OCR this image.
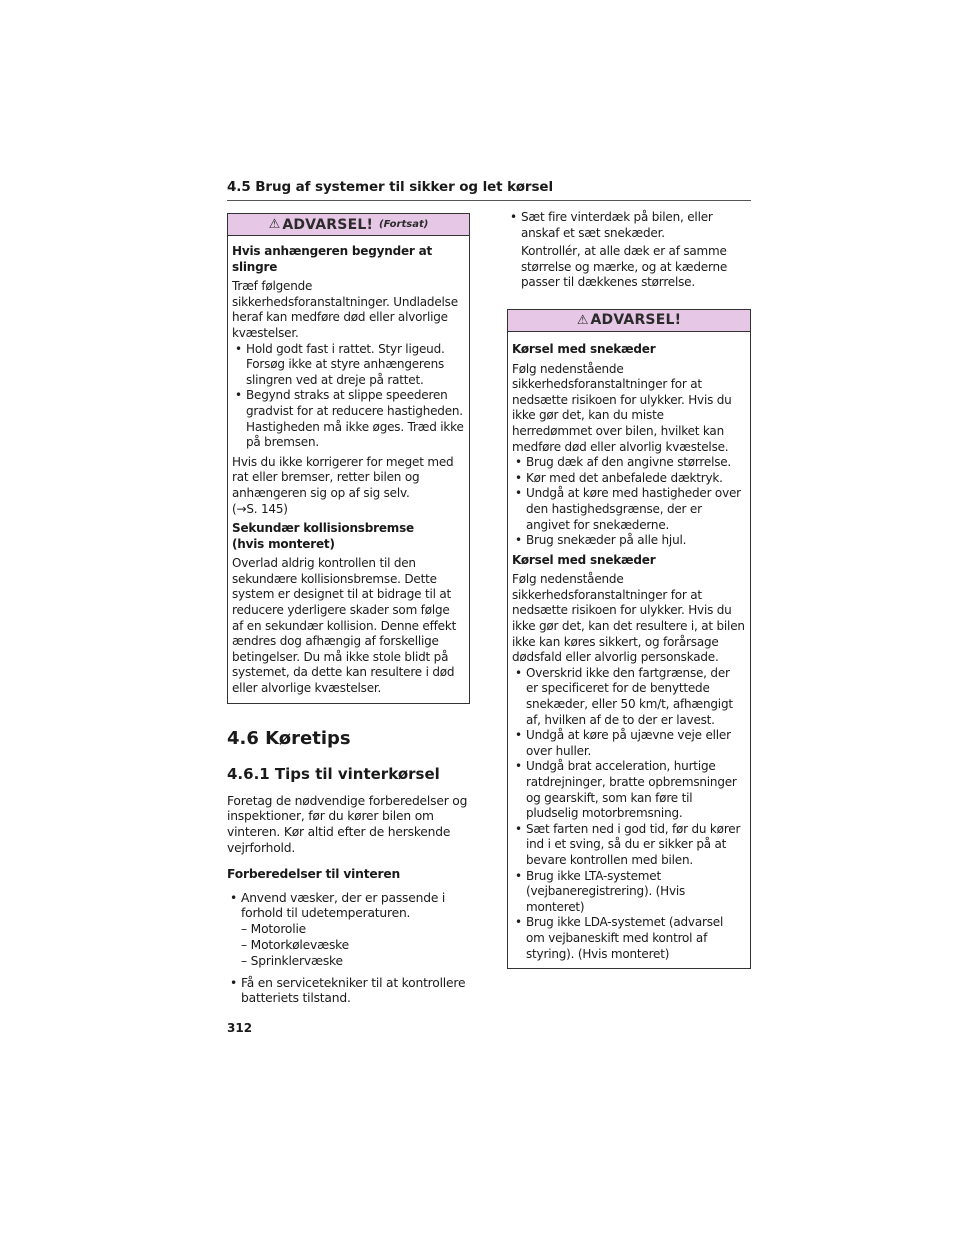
4.5 Brug af systemer til sikker og let kørsel
⚠ ADVARSEL! (Fortsat)
Hvis anhængeren begynder at slingre

Træf følgende sikkerhedsforanstaltninger. Undladelse heraf kan medføre død eller alvorlige kvæstelser.

• Hold godt fast i rattet. Styr ligeud. Forsøg ikke at styre anhængerens slingren ved at dreje på rattet.
• Begynd straks at slippe speederen gradvist for at reducere hastigheden. Hastigheden må ikke øges. Træd ikke på bremsen.

Hvis du ikke korrigerer for meget med rat eller bremser, retter bilen og anhængeren sig op af sig selv.

(→S. 145)

Sekundær kollisionsbremse
(hvis monteret)

Overlad aldrig kontrollen til den sekundære kollisionsbremse. Dette system er designet til at bidrage til at reducere yderligere skader som følge af en sekundær kollision. Denne effekt ændres dog afhængig af forskellige betingelser. Du må ikke stole blidt på systemet, da dette kan resultere i død eller alvorlige kvæstelser.

4.6 Køretips
4.6.1 Tips til vinterkørsel

Foretag de nødvendige forberedelser og inspektioner, før du kører bilen om vinteren. Kør altid efter de herskende vejrforhold.

Forberedelser til vinteren
• Anvend væsker, der er passende i forhold til udetemperaturen.
– Motorolie
– Motorkølevæske
– Sprinklervæske
• Få en servicetekniker til at kontrollere batteriets tilstand.
• Sæt fire vinterdæk på bilen, eller anskaf et sæt snekæder.
Kontrollér, at alle dæk er af samme størrelse og mærke, og at kæderne passer til dækkenes størrelse.
⚠ ADVARSEL!
Kørsel med snekæder

Følg nedenstående sikkerhedsforanstaltninger for at nedsætte risikoen for ulykker. Hvis du ikke gør det, kan du miste herredømmet over bilen, hvilket kan medføre død eller alvorlig kvæstelse.

• Brug dæk af den angivne størrelse.
• Kør med det anbefalede dæktryk.
• Undgå at køre med hastigheder over den hastighedsgrænse, der er angivet for snekæderne.
• Brug snekæder på alle hjul.
Kørsel med snekæder

Følg nedenstående sikkerhedsforanstaltninger for at nedsætte risikoen for ulykker. Hvis du ikke gør det, kan det resultere i, at bilen ikke kan køres sikkert, og forårsage dødsfald eller alvorlig personskade.

• Overskrid ikke den fartgrænse, der er specificeret for de benyttede snekæder, eller 50 km/t, afhængigt af, hvilken af de to der er lavest.
• Undgå at køre på ujævne veje eller over huller.
• Undgå brat acceleration, hurtige ratdrejninger, bratte opbremsninger og gearskift, som kan føre til pludselig motorbremsning.
• Sæt farten ned i god tid, før du kører ind i et sving, så du er sikker på at bevare kontrollen med bilen.
• Brug ikke LTA-systemet (vejbaneregistrering). (Hvis monteret)
• Brug ikke LDA-systemet (advarsel om vejbaneskift med kontrol af styring). (Hvis monteret)
312
